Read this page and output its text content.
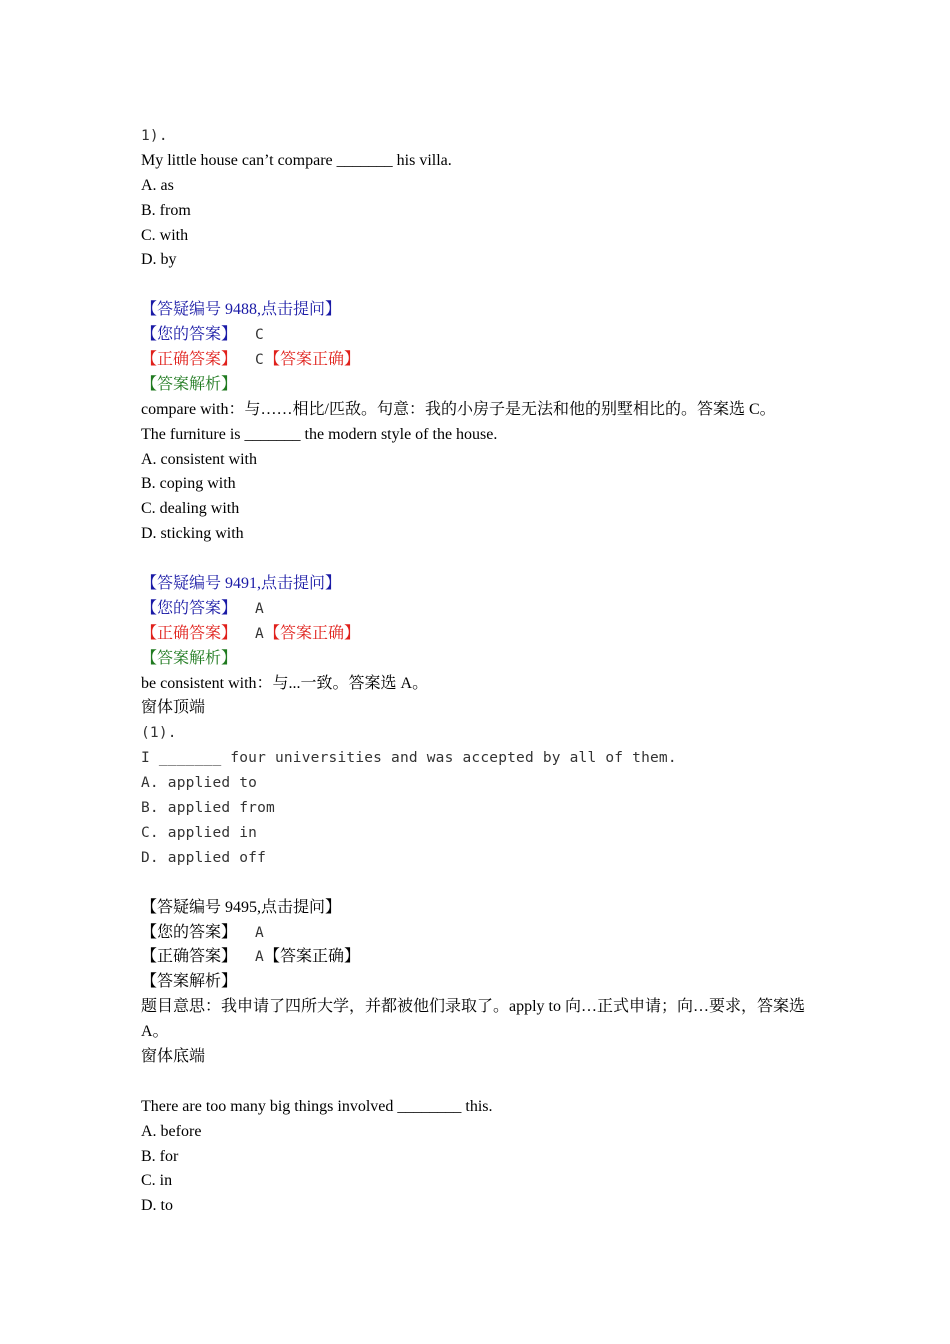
1).
My little house can’t compare _______ his villa.
A. as
B. from
C. with
D. by
【答疑编号 9488,点击提问】
【您的答案】 C
【正确答案】 C【答案正确】
【答案解析】
compare with：与……相比/匹敌。句意：我的小房子是无法和他的别墅相比的。答案选 C。
The furniture is _______ the modern style of the house.
A. consistent with
B. coping with
C. dealing with
D. sticking with
【答疑编号 9491,点击提问】
【您的答案】 A
【正确答案】 A【答案正确】
【答案解析】
be consistent with：与...一致。答案选 A。
窗体顶端
(1).
I _______ four universities and was accepted by all of them.
A. applied to
B. applied from
C. applied in
D. applied off
【答疑编号 9495,点击提问】
【您的答案】 A
【正确答案】 A【答案正确】
【答案解析】
题目意思：我申请了四所大学，并都被他们录取了。apply to 向…正式申请；向…要求，答案选 A。
窗体底端
There are too many big things involved ________ this.
A. before
B. for
C. in
D. to
